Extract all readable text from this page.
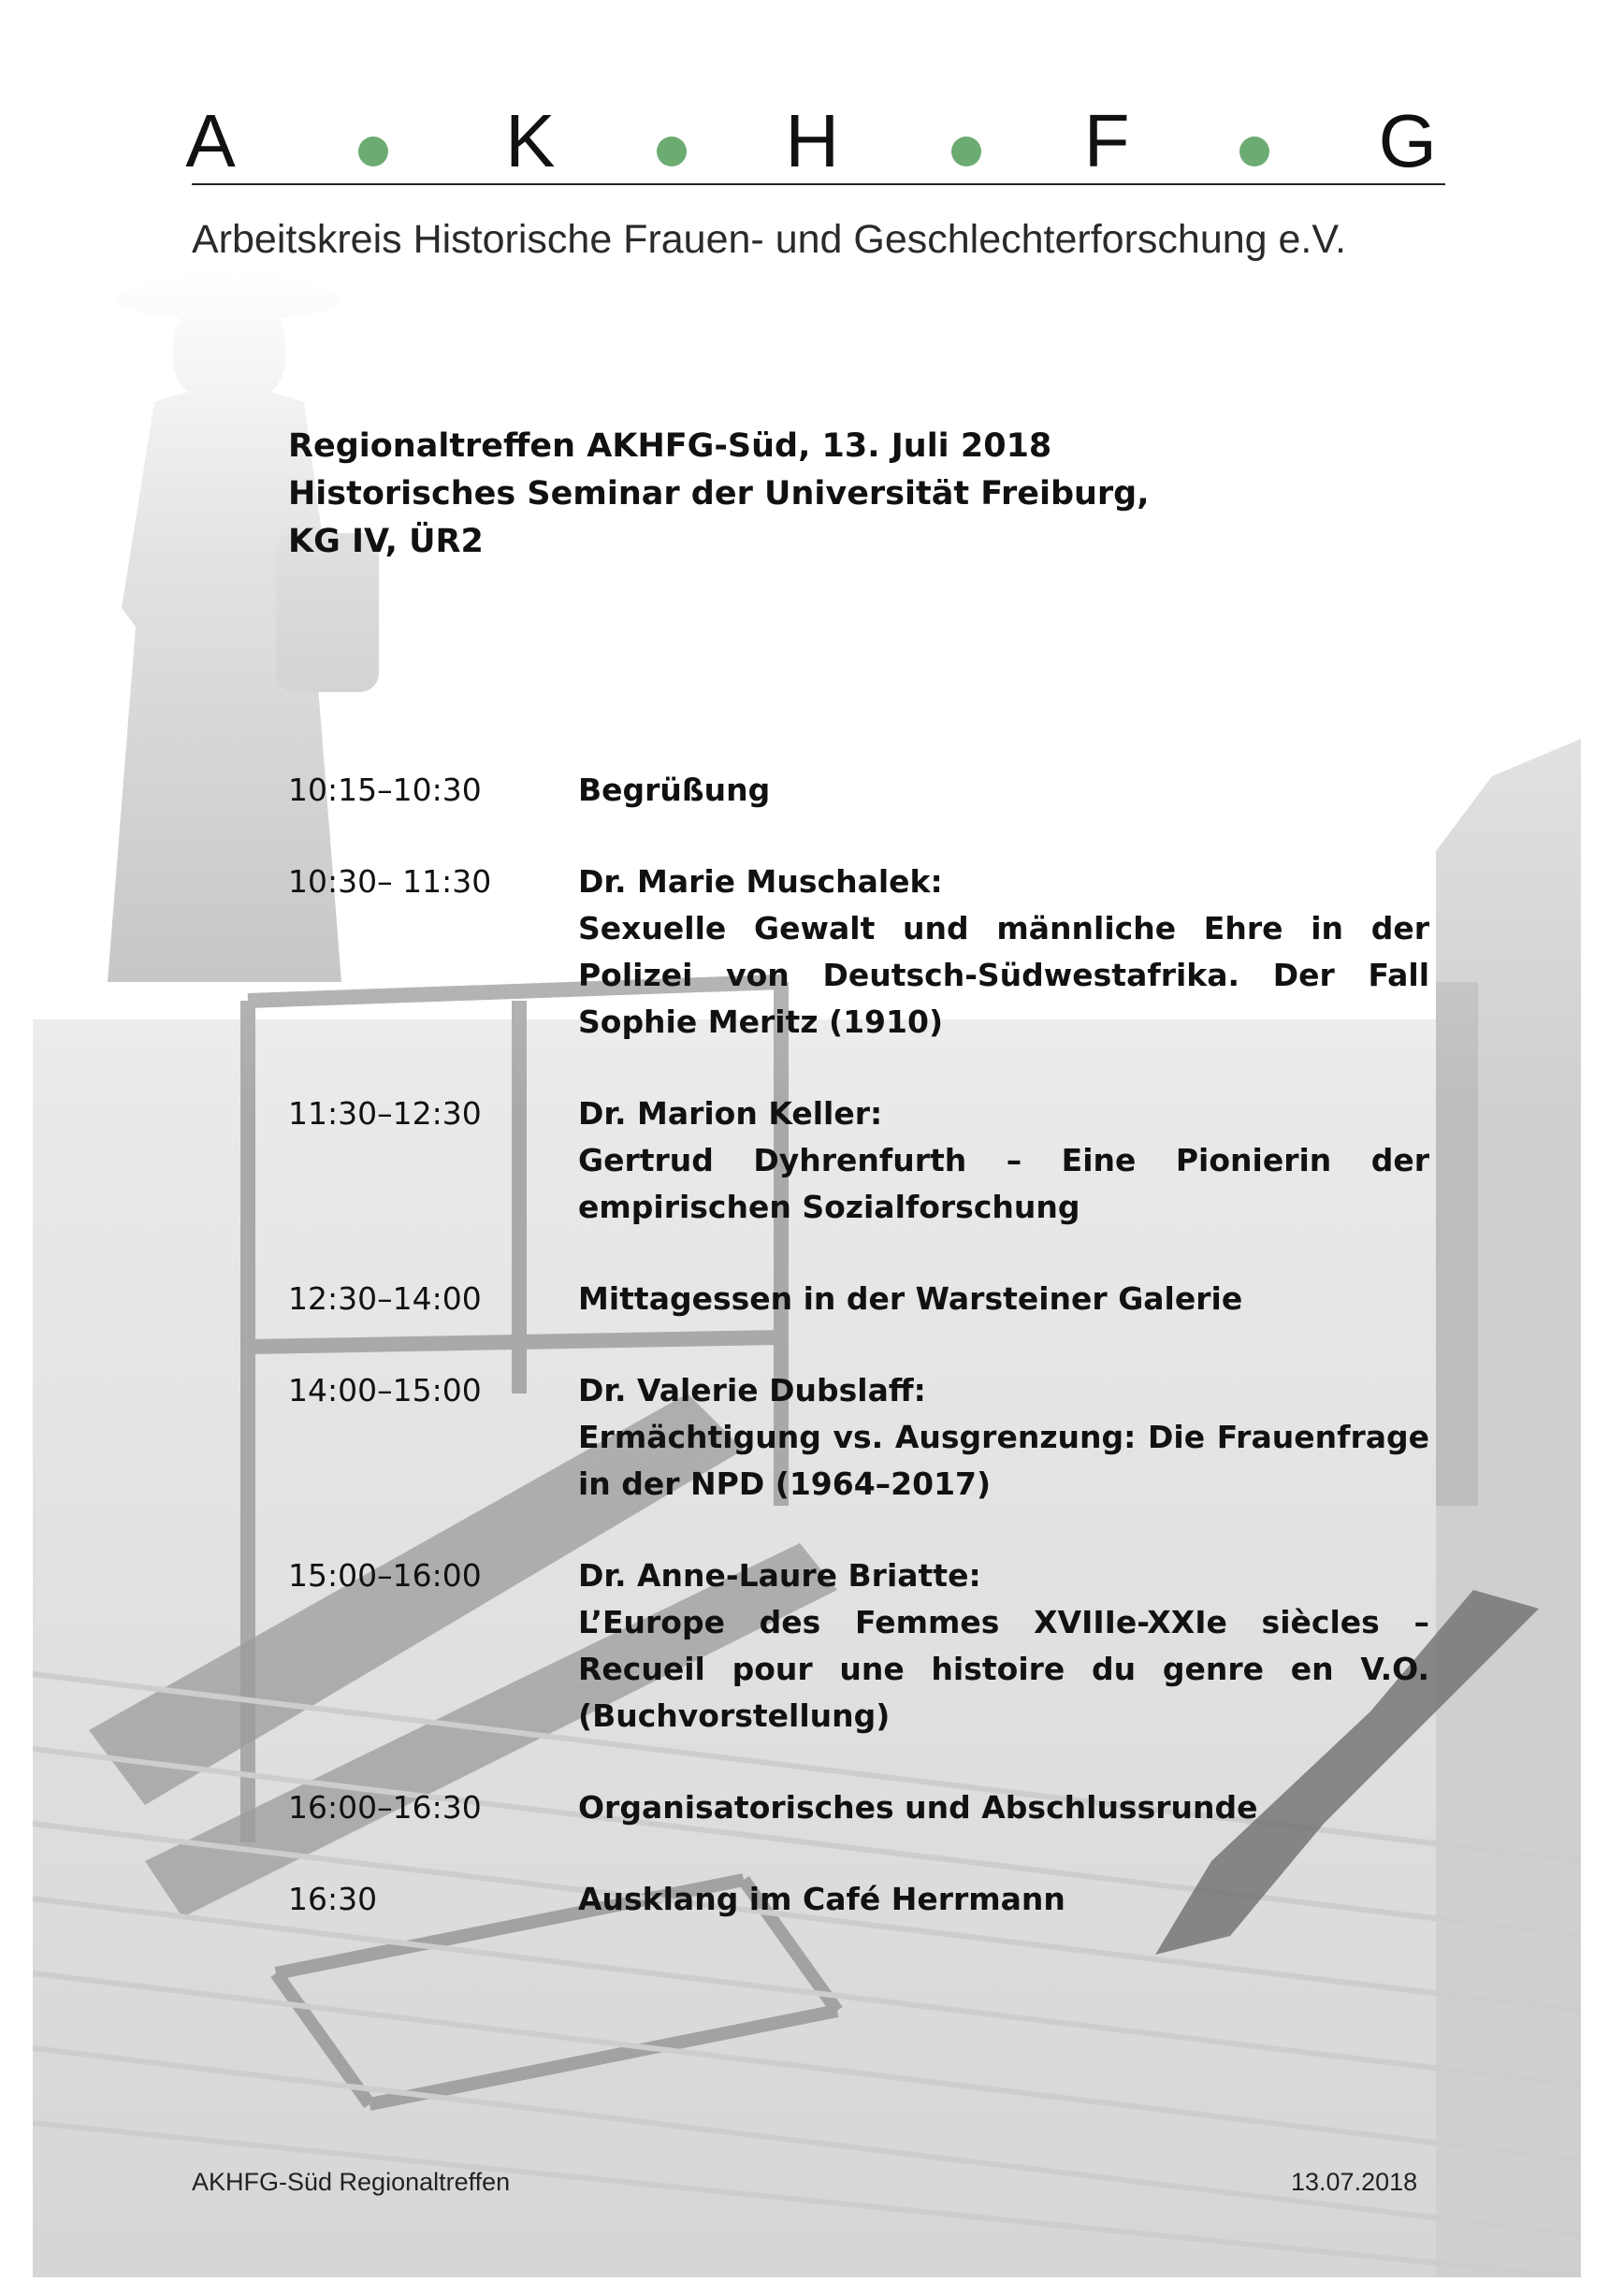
A	K	H	F	G
Arbeitskreis Historische Frauen- und Geschlechterforschung e.V.
Regionaltreffen AKHFG-Süd, 13. Juli 2018
Historisches Seminar der Universität Freiburg,
KG IV, ÜR2
10:15–10:30	Begrüßung
10:30– 11:30	Dr. Marie Muschalek:
Sexuelle Gewalt und männliche Ehre in der Polizei von Deutsch-Südwestafrika. Der Fall Sophie Meritz (1910)
11:30–12:30	Dr. Marion Keller:
Gertrud Dyhrenfurth – Eine Pionierin der empirischen Sozialforschung
12:30–14:00	Mittagessen in der Warsteiner Galerie
14:00–15:00	Dr. Valerie Dubslaff:
Ermächtigung vs. Ausgrenzung: Die Frauenfrage in der NPD (1964–2017)
15:00–16:00	Dr. Anne-Laure Briatte:
L’Europe des Femmes XVIIIe-XXIe siècles – Recueil pour une histoire du genre en V.O. (Buchvorstellung)
16:00–16:30	Organisatorisches und Abschlussrunde
16:30	Ausklang im Café Herrmann
AKHFG-Süd Regionaltreffen	13.07.2018
